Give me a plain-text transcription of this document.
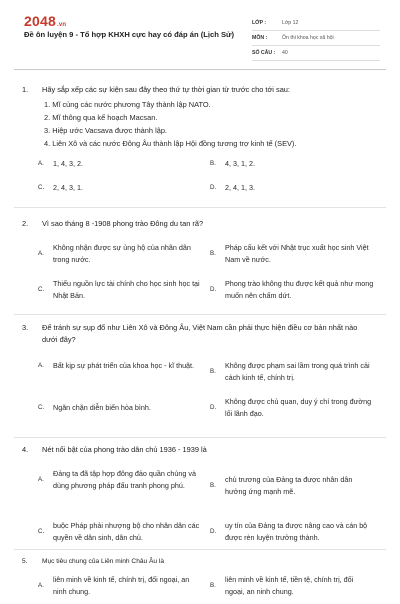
2048.vn
Đề ôn luyện 9 - Tổ hợp KHXH cực hay có đáp án (Lịch Sử)
LỚP :	Lớp 12
MÔN :	Ôn thi khoa học xã hội
SỐ CÂU :	40
1.	Hãy sắp xếp các sự kiện sau đây theo thứ tự thời gian từ trước cho tới sau:
1. Mĩ củng các nước phương Tây thành lập NATO.
2. Mĩ thông qua kế hoạch Macsan.
3. Hiệp ước Vacsava được thành lập.
4. Liên Xô và các nước Đông Âu thành lập Hội đồng tương trợ kinh tế (SEV).
A.	1, 4, 3, 2.	B.	4, 3, 1, 2.
C.	2, 4, 3, 1.	D.	2, 4, 1, 3.
2.	Vì sao tháng 8 -1908 phong trào Đông du tan rã?
A.
Không nhận được sự ủng hộ của nhân dân trong nước.
B.
Pháp cấu kết với Nhật trục xuất học sinh Việt Nam về nước.
C.
Thiếu nguồn lực tài chính cho học sinh học tại Nhật Bản.
D.
Phong trào không thu được kết quả như mong muốn nên chấm dứt.
3.	Để tránh sự sụp đổ như Liên Xô và Đông Âu, Việt Nam cần phải thực hiện điều cơ bản nhất nào dưới đây?
A.	Bất kịp sự phát triển của khoa học - kĩ thuật.
B.
Không được phạm sai lầm trong quá trình cải cách kinh tế, chính trị.
C.	Ngăn chặn diễn biến hòa bình.	D.
Không được chủ quan, duy ý chí trong đường lối lãnh đạo.
4.	Nét nổi bật của phong trào dân chủ 1936 - 1939 là
A.
Đảng ta đã tập hợp đông đảo quần chúng và dùng phương pháp đấu tranh phong phú.	B.
chủ trương của Đảng ta được nhân dân hưởng ứng mạnh mẽ.
C.
buộc Pháp phải nhượng bộ cho nhân dân các quyền về dân sinh, dân chủ.
D.
uy tín của Đảng ta được nâng cao và cán bộ được rèn luyện trưởng thành.
5.	Mục tiêu chung của Liên minh Châu Âu là
A.
liên minh về kinh tế, chính trị, đối ngoại, an ninh chung.
B.
liên minh về kinh tế, tiền tệ, chính trị, đối ngoại, an ninh chung.
